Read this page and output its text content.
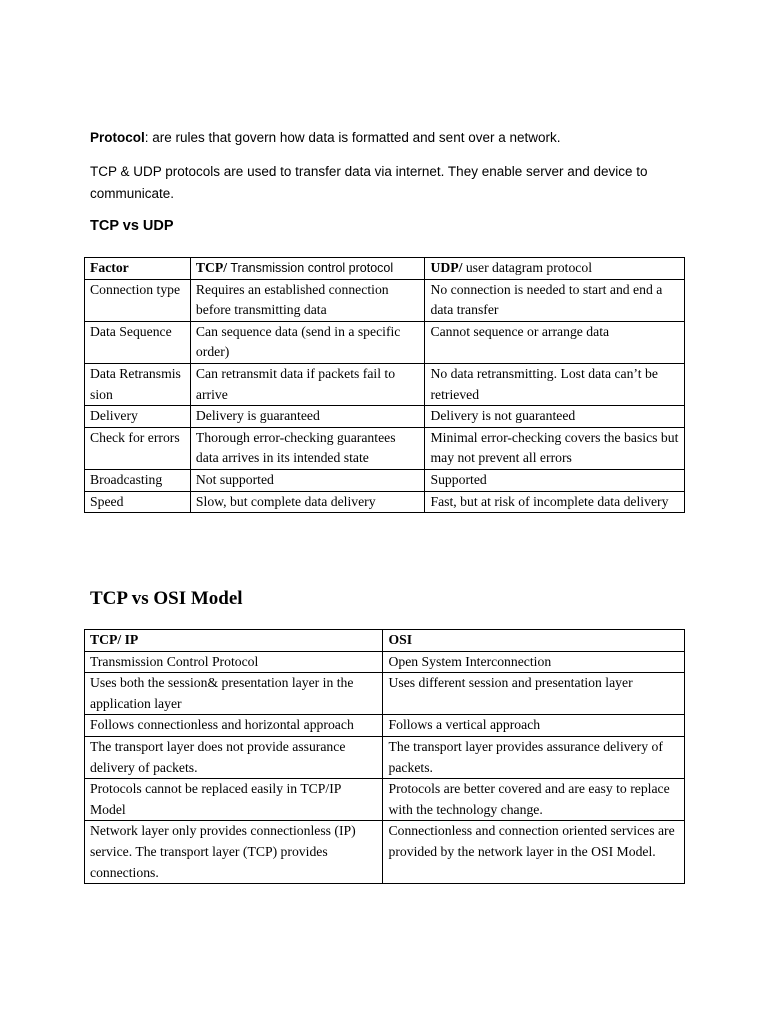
Protocol: are rules that govern how data is formatted and sent over a network.

TCP & UDP protocols are used to transfer data via internet. They enable server and device to communicate.

TCP vs UDP
Factor	TCP/ Transmission control protocol	UDP/ user datagram protocol
Connection type	Requires an established connection before transmitting data	No connection is needed to start and end a data transfer
Data Sequence	Can sequence data (send in a specific order)	Cannot sequence or arrange data
Data Retransmission	Can retransmit data if packets fail to arrive	No data retransmitting. Lost data can’t be retrieved
Delivery	Delivery is guaranteed	Delivery is not guaranteed
Check for errors	Thorough error-checking guarantees data arrives in its intended state	Minimal error-checking covers the basics but may not prevent all errors
Broadcasting	Not supported	Supported
Speed	Slow, but complete data delivery	Fast, but at risk of incomplete data delivery
TCP vs OSI Model
TCP/ IP	OSI
Transmission Control Protocol	Open System Interconnection
Uses both the session& presentation layer in the application layer	Uses different session and presentation layer
Follows connectionless and horizontal approach	Follows a vertical approach
The transport layer does not provide assurance delivery of packets.	The transport layer provides assurance delivery of packets.
Protocols cannot be replaced easily in TCP/IP Model	Protocols are better covered and are easy to replace with the technology change.
Network layer only provides connectionless (IP) service. The transport layer (TCP) provides connections.	Connectionless and connection oriented services are provided by the network layer in the OSI Model.
